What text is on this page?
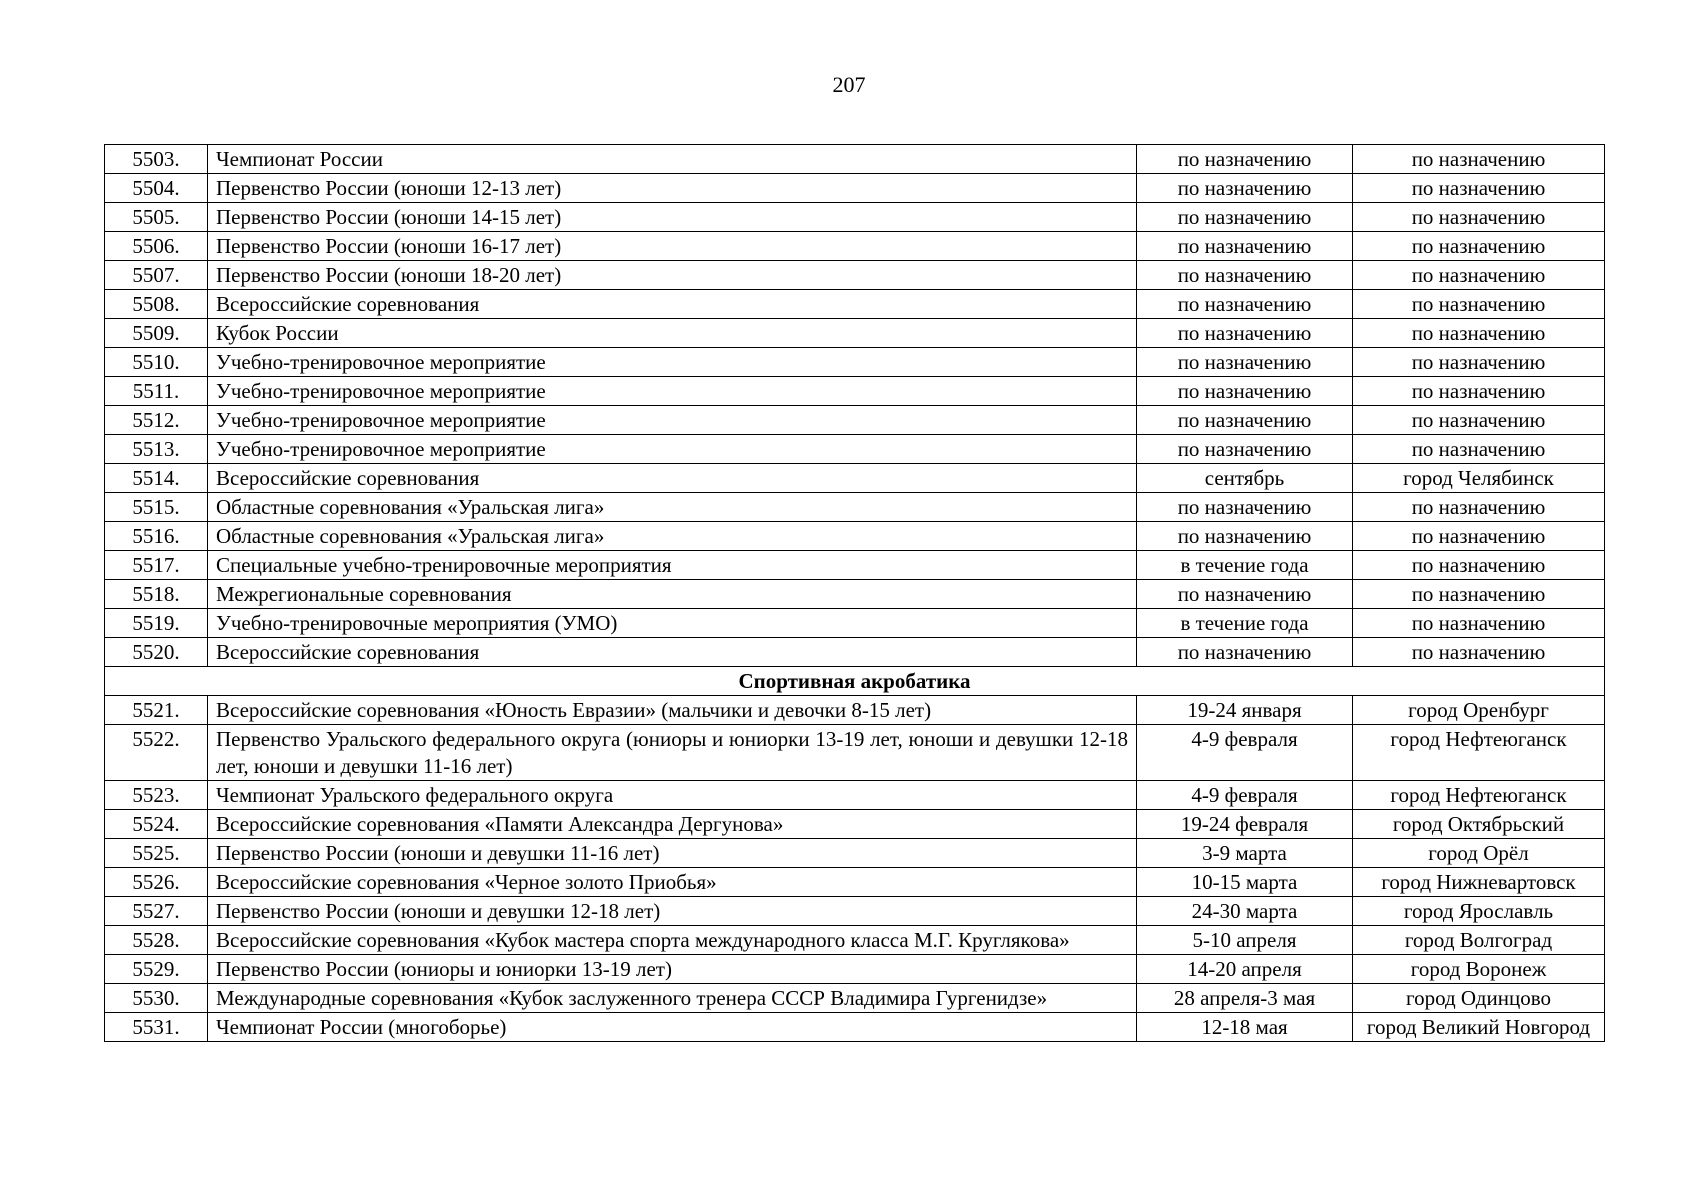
207
5503.	Чемпионат России	по назначению	по назначению
5504.	Первенство России (юноши 12-13 лет)	по назначению	по назначению
5505.	Первенство России (юноши 14-15 лет)	по назначению	по назначению
5506.	Первенство России (юноши 16-17 лет)	по назначению	по назначению
5507.	Первенство России (юноши 18-20 лет)	по назначению	по назначению
5508.	Всероссийские соревнования	по назначению	по назначению
5509.	Кубок России	по назначению	по назначению
5510.	Учебно-тренировочное мероприятие	по назначению	по назначению
5511.	Учебно-тренировочное мероприятие	по назначению	по назначению
5512.	Учебно-тренировочное мероприятие	по назначению	по назначению
5513.	Учебно-тренировочное мероприятие	по назначению	по назначению
5514.	Всероссийские соревнования	сентябрь	город Челябинск
5515.	Областные соревнования «Уральская лига»	по назначению	по назначению
5516.	Областные соревнования «Уральская лига»	по назначению	по назначению
5517.	Специальные учебно-тренировочные мероприятия	в течение года	по назначению
5518.	Межрегиональные соревнования	по назначению	по назначению
5519.	Учебно-тренировочные мероприятия (УМО)	в течение года	по назначению
5520.	Всероссийские соревнования	по назначению	по назначению
Спортивная акробатика			
5521.	Всероссийские соревнования «Юность Евразии» (мальчики и девочки 8-15 лет)	19-24 января	город Оренбург
5522.	Первенство Уральского федерального округа (юниоры и юниорки 13-19 лет, юноши и девушки 12-18 лет, юноши и девушки 11-16 лет)	4-9 февраля	город Нефтеюганск
5523.	Чемпионат Уральского федерального округа	4-9 февраля	город Нефтеюганск
5524.	Всероссийские соревнования «Памяти Александра Дергунова»	19-24 февраля	город Октябрьский
5525.	Первенство России (юноши и девушки 11-16 лет)	3-9 марта	город Орёл
5526.	Всероссийские соревнования «Черное золото Приобья»	10-15 марта	город Нижневартовск
5527.	Первенство России (юноши и девушки 12-18 лет)	24-30 марта	город Ярославль
5528.	Всероссийские соревнования «Кубок мастера спорта международного класса М.Г. Круглякова»	5-10 апреля	город Волгоград
5529.	Первенство России (юниоры и юниорки 13-19 лет)	14-20 апреля	город Воронеж
5530.	Международные соревнования «Кубок заслуженного тренера СССР Владимира Гургенидзе»	28 апреля-3 мая	город Одинцово
5531.	Чемпионат России (многоборье)	12-18 мая	город Великий Новгород
